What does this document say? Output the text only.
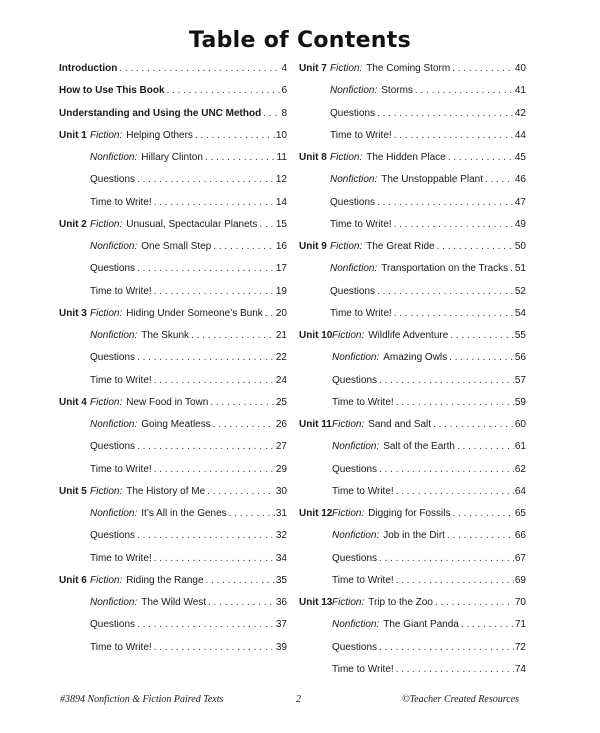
Table of Contents
Introduction . . .	4
How to Use This Book . . .	6
Understanding and Using the UNC Method . . . 8
Unit 1 Fiction: Helping Others . . .	10
Nonfiction: Hillary Clinton . . .	11
Questions . . .	12
Time to Write! . . .	14
Unit 2 Fiction: Unusual, Spectacular Planets . . . 15
Nonfiction: One Small Step . . .	16
Questions . . .	17
Time to Write! . . .	19
Unit 3 Fiction: Hiding Under Someone’s Bunk . . . 20
Nonfiction: The Skunk . . .	21
Questions . . .	22
Time to Write! . . .	24
Unit 4 Fiction: New Food in Town . . .	25
Nonfiction: Going Meatless . . .	26
Questions . . .	27
Time to Write! . . .	29
Unit 5 Fiction: The History of Me . . .	30
Nonfiction: It’s All in the Genes . . .	31
Questions . . .	32
Time to Write! . . .	34
Unit 6 Fiction: Riding the Range . . .	35
Nonfiction: The Wild West . . .	36
Questions . . .	37
Time to Write! . . .	39
Unit 7 Fiction: The Coming Storm . . .	40
Nonfiction: Storms . . .	41
Questions . . .	42
Time to Write! . . .	44
Unit 8 Fiction: The Hidden Place . . .	45
Nonfiction: The Unstoppable Plant . . .	46
Questions . . .	47
Time to Write! . . .	49
Unit 9 Fiction: The Great Ride . . .	50
Nonfiction: Transportation on the Tracks . . . 51
Questions . . .	52
Time to Write! . . .	54
Unit 10 Fiction: Wildlife Adventure . . .	55
Nonfiction: Amazing Owls . . .	56
Questions . . .	57
Time to Write! . . .	59
Unit 11 Fiction: Sand and Salt . . .	60
Nonfiction: Salt of the Earth . . .	61
Questions . . .	62
Time to Write! . . .	64
Unit 12 Fiction: Digging for Fossils . . .	65
Nonfiction: Job in the Dirt . . .	66
Questions . . .	67
Time to Write! . . .	69
Unit 13 Fiction: Trip to the Zoo . . .	70
Nonfiction: The Giant Panda . . .	71
Questions . . .	72
Time to Write! . . .	74
#3894 Nonfiction & Fiction Paired Texts	2	©Teacher Created Resources
